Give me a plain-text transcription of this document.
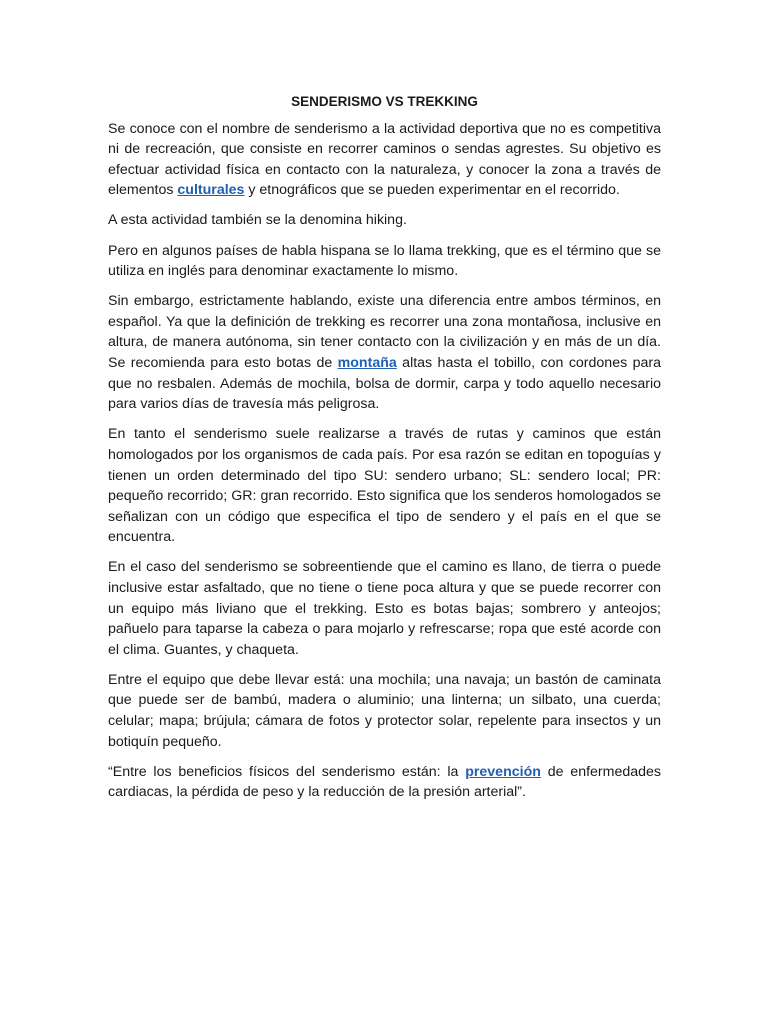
SENDERISMO VS TREKKING

Se conoce con el nombre de senderismo a la actividad deportiva que no es competitiva ni de recreación, que consiste en recorrer caminos o sendas agrestes. Su objetivo es efectuar actividad física en contacto con la naturaleza, y conocer la zona a través de elementos culturales y etnográficos que se pueden experimentar en el recorrido.

A esta actividad también se la denomina hiking.

Pero en algunos países de habla hispana se lo llama trekking, que es el término que se utiliza en inglés para denominar exactamente lo mismo.

Sin embargo, estrictamente hablando, existe una diferencia entre ambos términos, en español. Ya que la definición de trekking es recorrer una zona montañosa, inclusive en altura, de manera autónoma, sin tener contacto con la civilización y en más de un día. Se recomienda para esto botas de montaña altas hasta el tobillo, con cordones para que no resbalen. Además de mochila, bolsa de dormir, carpa y todo aquello necesario para varios días de travesía más peligrosa.

En tanto el senderismo suele realizarse a través de rutas y caminos que están homologados por los organismos de cada país. Por esa razón se editan en topoguías y tienen un orden determinado del tipo SU: sendero urbano; SL: sendero local; PR: pequeño recorrido; GR: gran recorrido. Esto significa que los senderos homologados se señalizan con un código que especifica el tipo de sendero y el país en el que se encuentra.

En el caso del senderismo se sobreentiende que el camino es llano, de tierra o puede inclusive estar asfaltado, que no tiene o tiene poca altura y que se puede recorrer con un equipo más liviano que el trekking. Esto es botas bajas; sombrero y anteojos; pañuelo para taparse la cabeza o para mojarlo y refrescarse; ropa que esté acorde con el clima. Guantes, y chaqueta.

Entre el equipo que debe llevar está: una mochila; una navaja; un bastón de caminata que puede ser de bambú, madera o aluminio; una linterna; un silbato, una cuerda; celular; mapa; brújula; cámara de fotos y protector solar, repelente para insectos y un botiquín pequeño.

“Entre los beneficios físicos del senderismo están: la prevención de enfermedades cardiacas, la pérdida de peso y la reducción de la presión arterial”.
